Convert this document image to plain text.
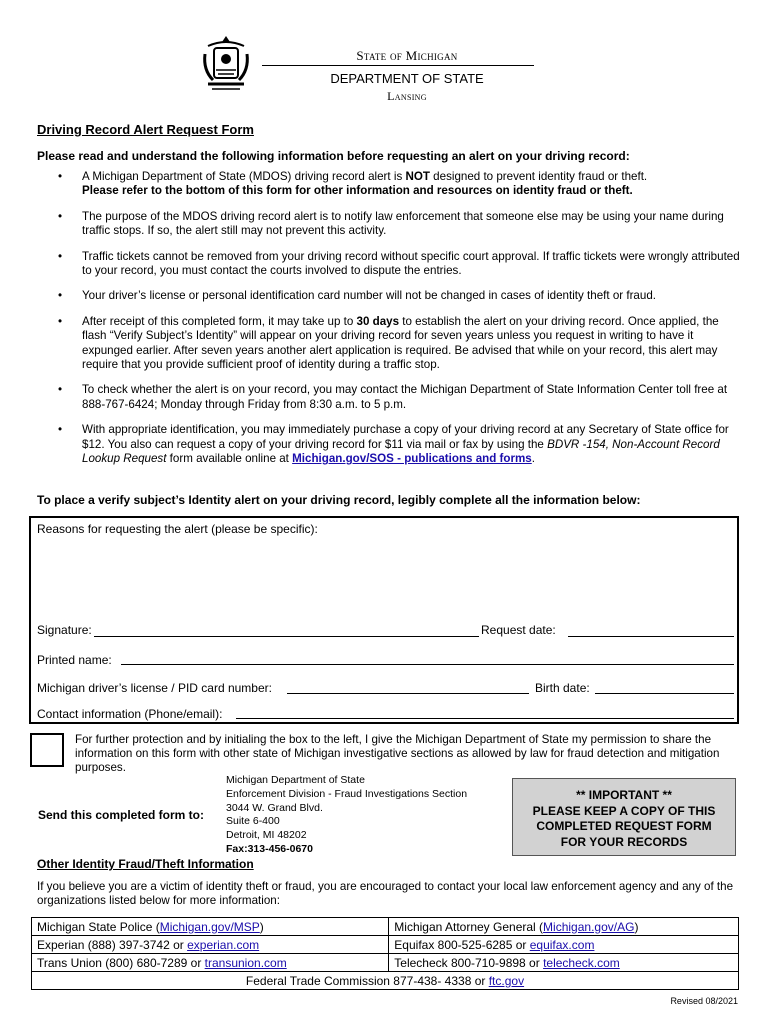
State of Michigan
DEPARTMENT OF STATE
Lansing
Driving Record Alert Request Form
Please read and understand the following information before requesting an alert on your driving record:
• A Michigan Department of State (MDOS) driving record alert is NOT designed to prevent identity fraud or theft.
Please refer to the bottom of this form for other information and resources on identity fraud or theft.
• The purpose of the MDOS driving record alert is to notify law enforcement that someone else may be using your name during traffic stops. If so, the alert still may not prevent this activity.
• Traffic tickets cannot be removed from your driving record without specific court approval. If traffic tickets were wrongly attributed to your record, you must contact the courts involved to dispute the entries.
• Your driver’s license or personal identification card number will not be changed in cases of identity theft or fraud.
• After receipt of this completed form, it may take up to 30 days to establish the alert on your driving record. Once applied, the flash “Verify Subject’s Identity” will appear on your driving record for seven years unless you request in writing to have it expunged earlier. After seven years another alert application is required. Be advised that while on your record, this alert may require that you provide sufficient proof of identity during a traffic stop.
• To check whether the alert is on your record, you may contact the Michigan Department of State Information Center toll free at 888-767-6424; Monday through Friday from 8:30 a.m. to 5 p.m.
• With appropriate identification, you may immediately purchase a copy of your driving record at any Secretary of State office for $12. You also can request a copy of your driving record for $11 via mail or fax by using the BDVR -154, Non-Account Record Lookup Request form available online at Michigan.gov/SOS - publications and forms.
To place a verify subject’s Identity alert on your driving record, legibly complete all the information below:
Reasons for requesting the alert (please be specific):
Signature:	Request date:
Printed name:
Michigan driver’s license / PID card number:	Birth date:
Contact information (Phone/email):
For further protection and by initialing the box to the left, I give the Michigan Department of State my permission to share the information on this form with other state of Michigan investigative sections as allowed by law for fraud detection and mitigation purposes.
Send this completed form to:
Michigan Department of State
Enforcement Division - Fraud Investigations Section
3044 W. Grand Blvd.
Suite 6-400
Detroit, MI 48202
Fax:313-456-0670
** IMPORTANT **
PLEASE KEEP A COPY OF THIS
COMPLETED REQUEST FORM
FOR YOUR RECORDS
Other Identity Fraud/Theft Information
If you believe you are a victim of identity theft or fraud, you are encouraged to contact your local law enforcement agency and any of the organizations listed below for more information:
Michigan State Police (Michigan.gov/MSP)	Michigan Attorney General (Michigan.gov/AG)
Experian (888) 397-3742 or experian.com	Equifax 800-525-6285 or equifax.com
Trans Union (800) 680-7289 or transunion.com	Telecheck 800-710-9898 or telecheck.com
Federal Trade Commission 877-438- 4338 or ftc.gov	
Revised 08/2021
